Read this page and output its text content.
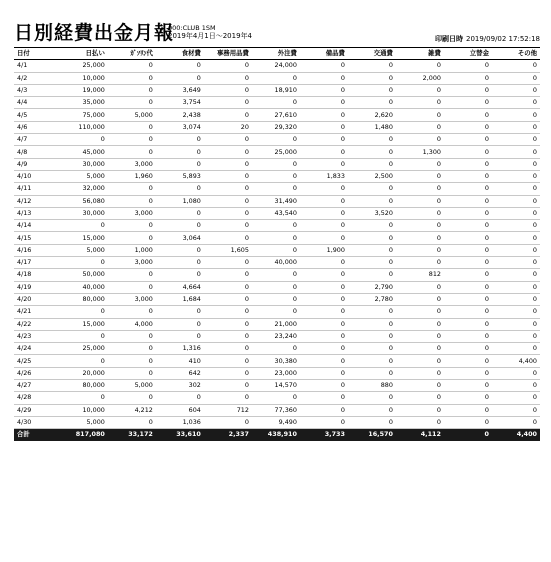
日別経費出金月報
000:CLUB 1SM
2019年4月1日～2019年4	印刷日時 2019/09/02 17:52:18
日付	日払い	ｶﾞｿﾘﾝ代	食材費	事務用品費	外注費	備品費	交通費	雑費	立替金	その他
4/1	25,000	0	0	0	24,000	0	0	0	0	0
4/2	10,000	0	0	0	0	0	0	2,000	0	0
4/3	19,000	0	3,649	0	18,910	0	0	0	0	0
4/4	35,000	0	3,754	0	0	0	0	0	0	0
4/5	75,000	5,000	2,438	0	27,610	0	2,620	0	0	0
4/6	110,000	0	3,074	20	29,320	0	1,480	0	0	0
4/7	0	0	0	0	0	0	0	0	0	0
4/8	45,000	0	0	0	25,000	0	0	1,300	0	0
4/9	30,000	3,000	0	0	0	0	0	0	0	0
4/10	5,000	1,960	5,893	0	0	1,833	2,500	0	0	0
4/11	32,000	0	0	0	0	0	0	0	0	0
4/12	56,080	0	1,080	0	31,490	0	0	0	0	0
4/13	30,000	3,000	0	0	43,540	0	3,520	0	0	0
4/14	0	0	0	0	0	0	0	0	0	0
4/15	15,000	0	3,064	0	0	0	0	0	0	0
4/16	5,000	1,000	0	1,605	0	1,900	0	0	0	0
4/17	0	3,000	0	0	40,000	0	0	0	0	0
4/18	50,000	0	0	0	0	0	0	812	0	0
4/19	40,000	0	4,664	0	0	0	2,790	0	0	0
4/20	80,000	3,000	1,684	0	0	0	2,780	0	0	0
4/21	0	0	0	0	0	0	0	0	0	0
4/22	15,000	4,000	0	0	21,000	0	0	0	0	0
4/23	0	0	0	0	23,240	0	0	0	0	0
4/24	25,000	0	1,316	0	0	0	0	0	0	0
4/25	0	0	410	0	30,380	0	0	0	0	4,400
4/26	20,000	0	642	0	23,000	0	0	0	0	0
4/27	80,000	5,000	302	0	14,570	0	880	0	0	0
4/28	0	0	0	0	0	0	0	0	0	0
4/29	10,000	4,212	604	712	77,360	0	0	0	0	0
4/30	5,000	0	1,036	0	9,490	0	0	0	0	0
合計	817,080	33,172	33,610	2,337	438,910	3,733	16,570	4,112	0	4,400
